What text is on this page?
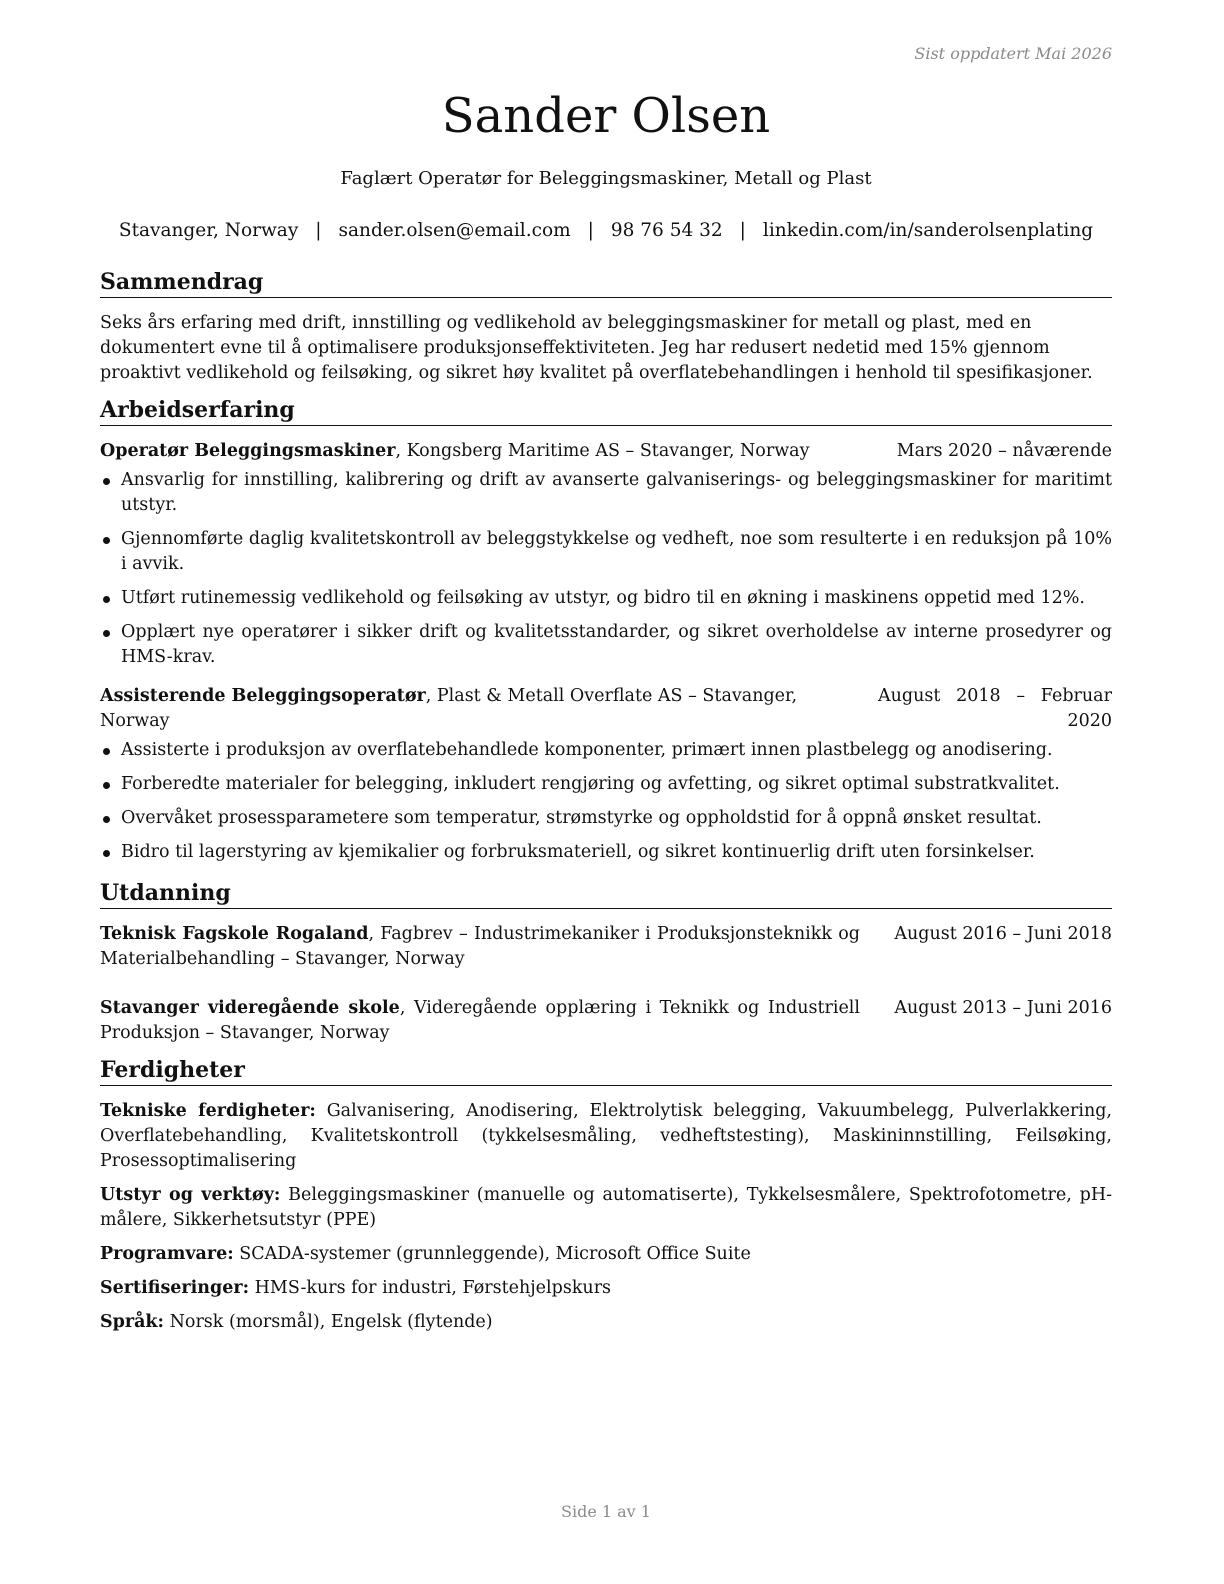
Sist oppdatert Mai 2026
Sander Olsen
Faglært Operatør for Beleggingsmaskiner, Metall og Plast
Stavanger, Norway | sander.olsen@email.com | 98 76 54 32 | linkedin.com/in/sanderolsenplating
Sammendrag

Seks års erfaring med drift, innstilling og vedlikehold av beleggingsmaskiner for metall og plast, med en dokumentert evne til å optimalisere produksjonseffektiviteten. Jeg har redusert nedetid med 15% gjennom proaktivt vedlikehold og feilsøking, og sikret høy kvalitet på overflatebehandlingen i henhold til spesifikasjoner.

Arbeidserfaring
Operatør Beleggingsmaskiner, Kongsberg Maritime AS – Stavanger, Norway	Mars 2020 – nåværende
Ansvarlig for innstilling, kalibrering og drift av avanserte galvaniserings- og beleggingsmaskiner for maritimt utstyr.
Gjennomførte daglig kvalitetskontroll av beleggstykkelse og vedheft, noe som resulterte i en reduksjon på 10% i avvik.
Utført rutinemessig vedlikehold og feilsøking av utstyr, og bidro til en økning i maskinens oppetid med 12%.
Opplært nye operatører i sikker drift og kvalitetsstandarder, og sikret overholdelse av interne prosedyrer og HMS-krav.
Assisterende Beleggingsoperatør, Plast & Metall Overflate AS – Stavanger, Norway
August 2018 – Februar 2020
Assisterte i produksjon av overflatebehandlede komponenter, primært innen plastbelegg og anodisering.
Forberedte materialer for belegging, inkludert rengjøring og avfetting, og sikret optimal substratkvalitet.
Overvåket prosessparametere som temperatur, strømstyrke og oppholdstid for å oppnå ønsket resultat.
Bidro til lagerstyring av kjemikalier og forbruksmateriell, og sikret kontinuerlig drift uten forsinkelser.
Utdanning
Teknisk Fagskole Rogaland, Fagbrev – Industrimekaniker i Produksjonsteknikk og Materialbehandling – Stavanger, Norway
August 2016 – Juni 2018
Stavanger videregående skole, Videregående opplæring i Teknikk og Industriell Produksjon – Stavanger, Norway
August 2013 – Juni 2016
Ferdigheter
Tekniske ferdigheter: Galvanisering, Anodisering, Elektrolytisk belegging, Vakuumbelegg, Pulverlakkering, Overflatebehandling, Kvalitetskontroll (tykkelsesmåling, vedheftstesting), Maskininnstilling, Feilsøking, Prosessoptimalisering
Utstyr og verktøy: Beleggingsmaskiner (manuelle og automatiserte), Tykkelsesmålere, Spektrofotometre, pH-målere, Sikkerhetsutstyr (PPE)
Programvare: SCADA-systemer (grunnleggende), Microsoft Office Suite
Sertifiseringer: HMS-kurs for industri, Førstehjelpskurs
Språk: Norsk (morsmål), Engelsk (flytende)
Side 1 av 1
